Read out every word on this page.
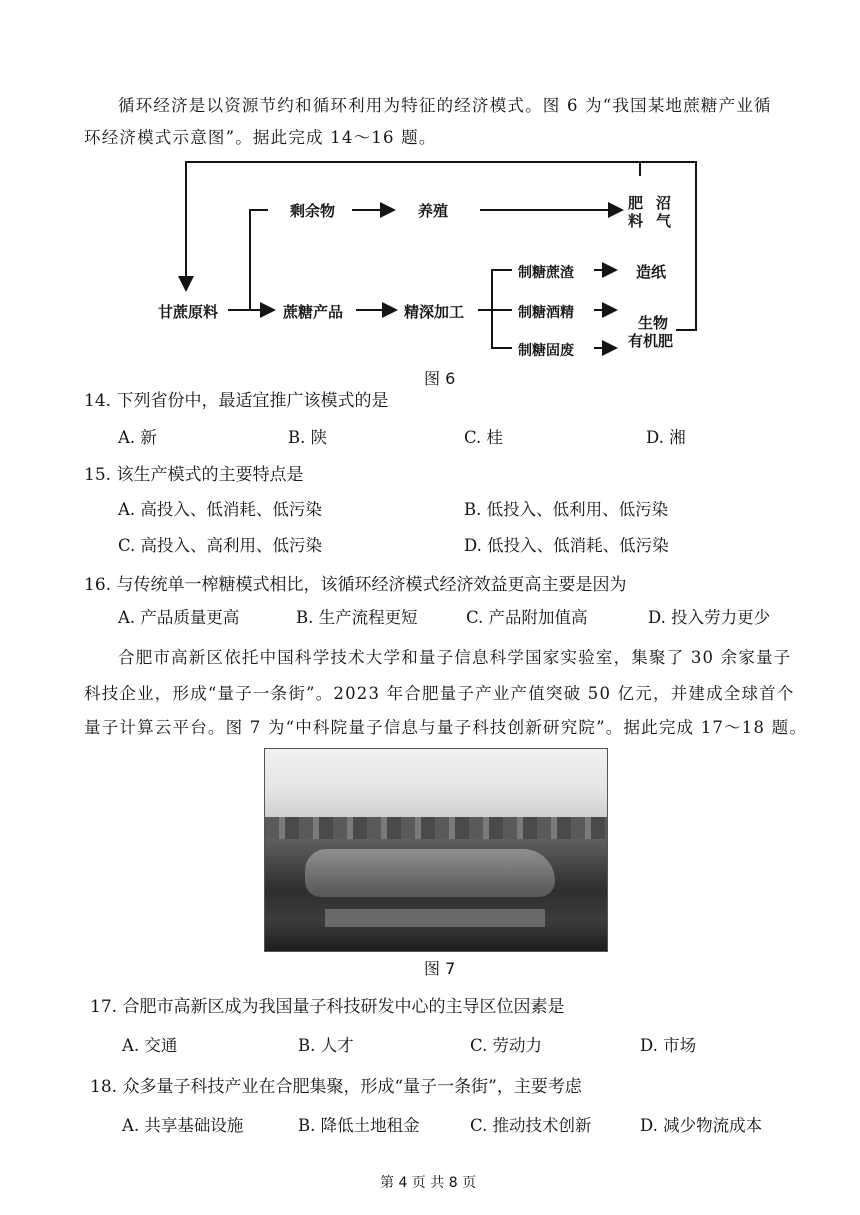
循环经济是以资源节约和循环利用为特征的经济模式。图 6 为“我国某地蔗糖产业循
环经济模式示意图”。据此完成 14～16 题。
甘蔗原料
剩余物	养殖
蔗糖产品	精深加工
制糖蔗渣
制糖酒精
制糖固废
造纸
肥
料
沼
气
生物
有机肥
图 6
14. 下列省份中，最适宜推广该模式的是
A. 新	B. 陕	C. 桂	D. 湘
15. 该生产模式的主要特点是
A. 高投入、低消耗、低污染	B. 低投入、低利用、低污染
C. 高投入、高利用、低污染	D. 低投入、低消耗、低污染
16. 与传统单一榨糖模式相比，该循环经济模式经济效益更高主要是因为
A. 产品质量更高	B. 生产流程更短	C. 产品附加值高	D. 投入劳力更少
合肥市高新区依托中国科学技术大学和量子信息科学国家实验室，集聚了 30 余家量子
科技企业，形成“量子一条街”。2023 年合肥量子产业产值突破 50 亿元，并建成全球首个
量子计算云平台。图 7 为“中科院量子信息与量子科技创新研究院”。据此完成 17～18 题。
图 7
17. 合肥市高新区成为我国量子科技研发中心的主导区位因素是
A. 交通	B. 人才	C. 劳动力	D. 市场
18. 众多量子科技产业在合肥集聚，形成“量子一条街”，主要考虑
A. 共享基础设施	B. 降低土地租金	C. 推动技术创新	D. 减少物流成本
第 4 页 共 8 页
